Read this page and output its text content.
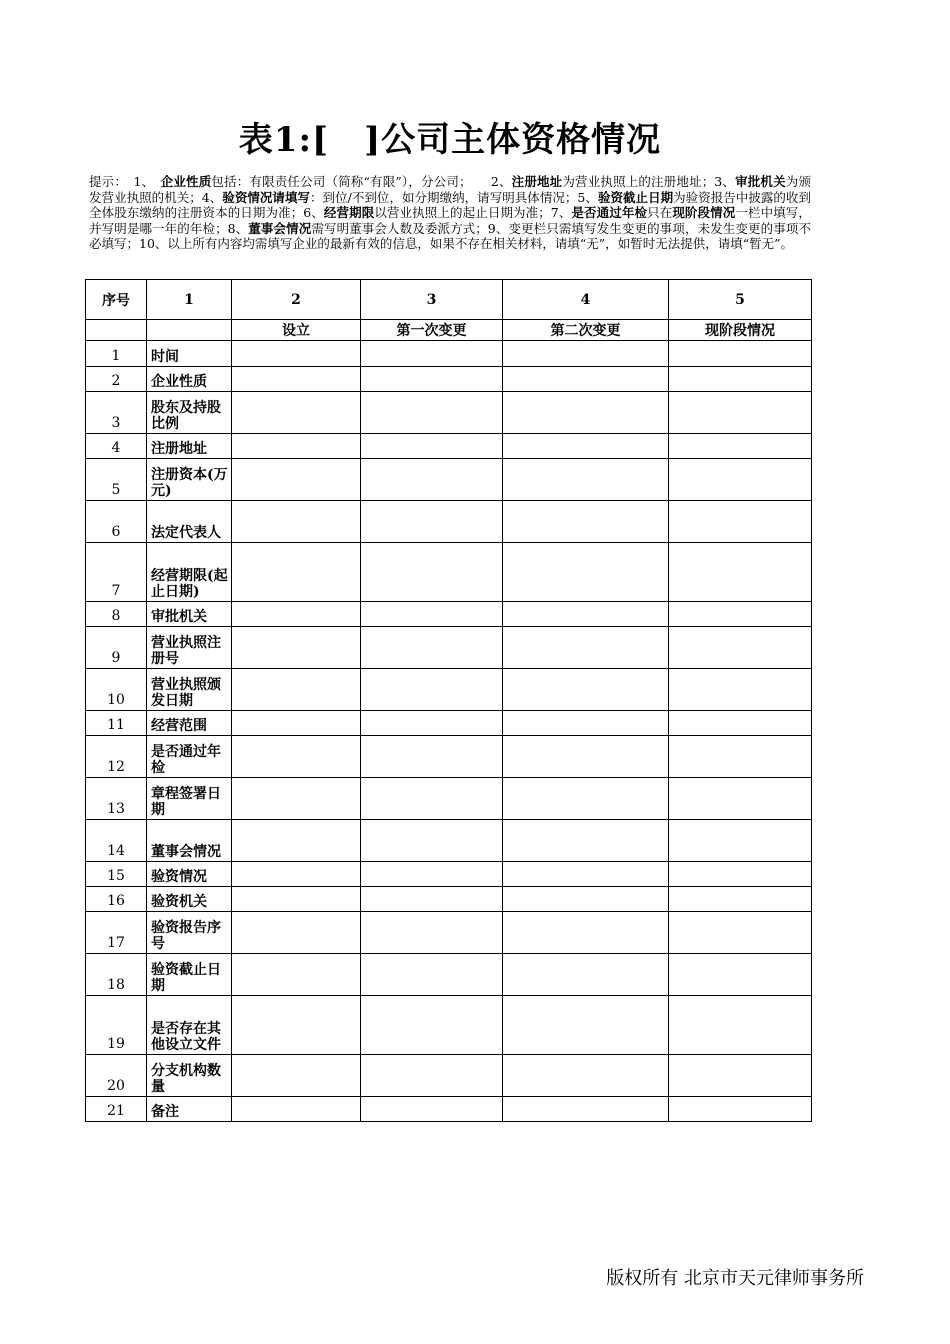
表1:[　]公司主体资格情况
提示：　1、　企业性质包括：有限责任公司（简称“有限”），分公司；　　2、注册地址为营业执照上的注册地址；3、审批机关为颁发营业执照的机关；4、验资情况请填写：到位/不到位，如分期缴纳，请写明具体情况；5、验资截止日期为验资报告中披露的收到全体股东缴纳的注册资本的日期为准；6、经营期限以营业执照上的起止日期为准；7、是否通过年检只在现阶段情况一栏中填写，并写明是哪一年的年检；8、董事会情况需写明董事会人数及委派方式；9、变更栏只需填写发生变更的事项，未发生变更的事项不必填写；10、以上所有内容均需填写企业的最新有效的信息，如果不存在相关材料，请填“无”，如暂时无法提供，请填“暂无”。
序号	1	2	3	4	5
		设立	第一次变更	第二次变更	现阶段情况
1	时间				
2	企业性质				
3	股东及持股比例				
4	注册地址				
5	注册资本(万元)				
6	法定代表人				
7	经营期限(起止日期)				
8	审批机关				
9	营业执照注册号				
10	营业执照颁发日期				
11	经营范围				
12	是否通过年检				
13	章程签署日期				
14	董事会情况				
15	验资情况				
16	验资机关				
17	验资报告序号				
18	验资截止日期				
19	是否存在其他设立文件				
20	分支机构数量				
21	备注				
版权所有 北京市天元律师事务所
